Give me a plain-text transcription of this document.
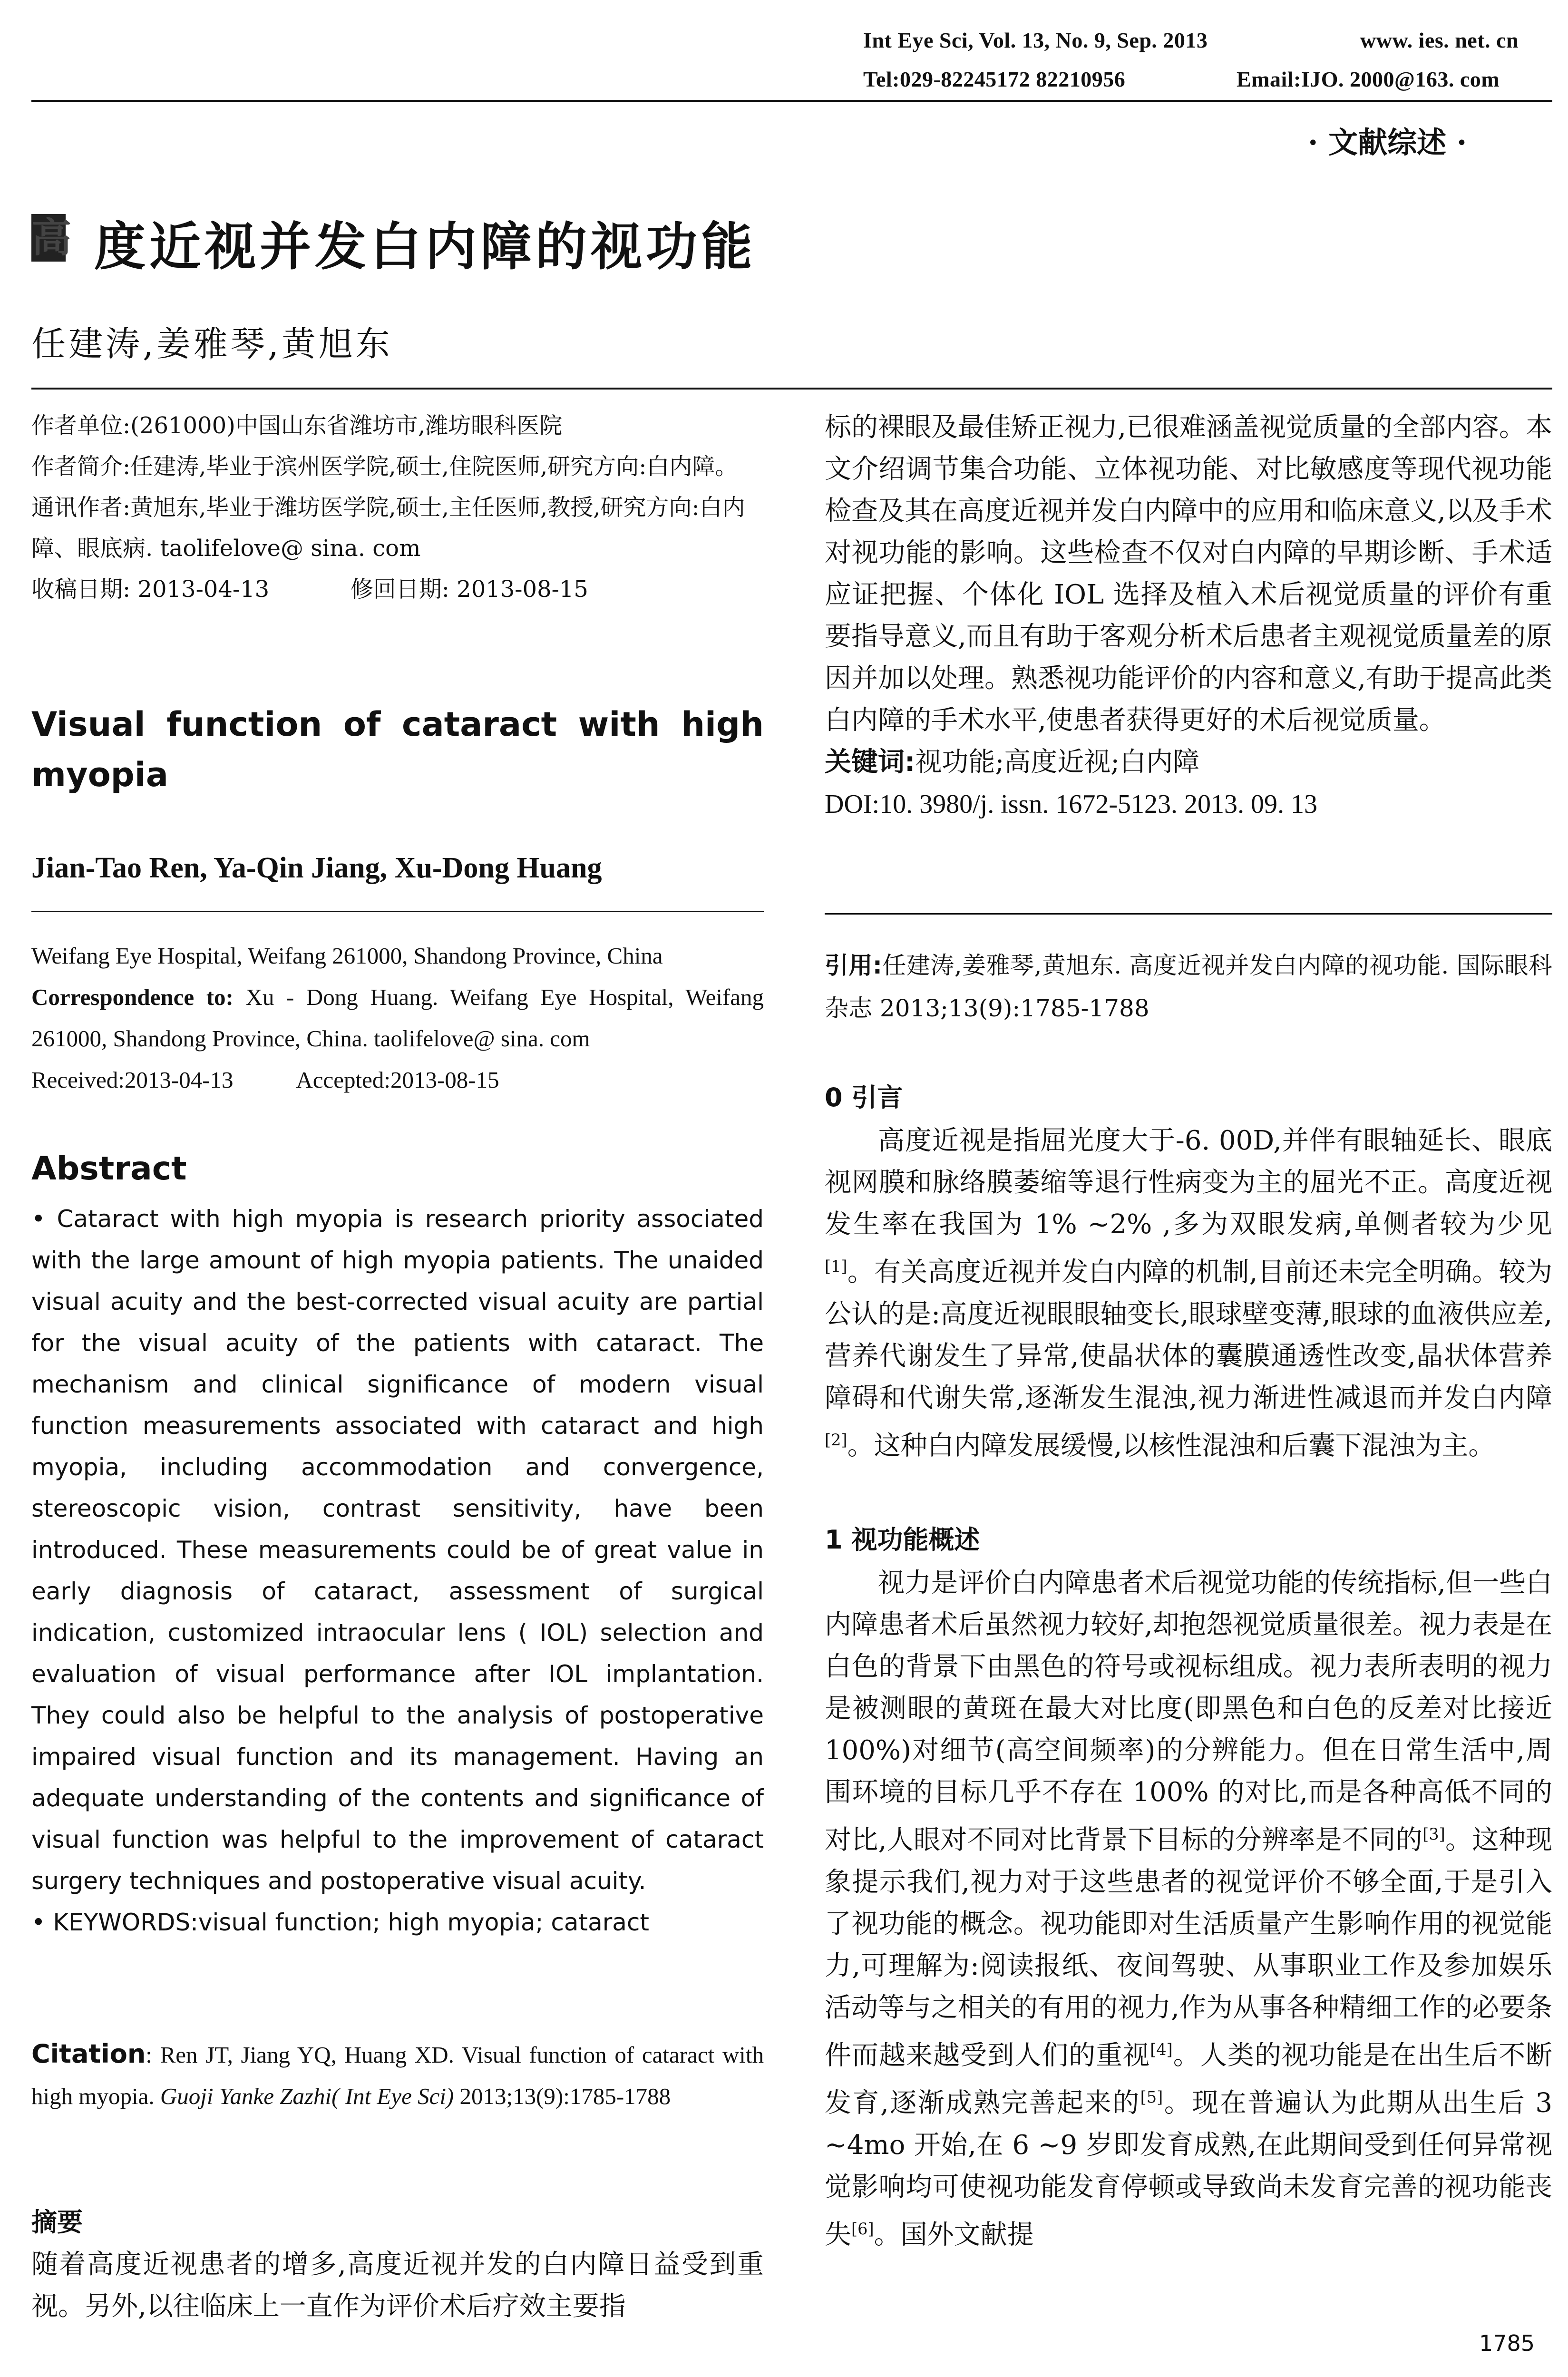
Int Eye Sci, Vol. 13, No. 9, Sep. 2013	www. ies. net. cn
Tel:029-82245172 82210956	Email:IJO. 2000@163. com
· 文献综述 ·
高 度近视并发白内障的视功能
任建涛,姜雅琴,黄旭东

作者单位:(261000)中国山东省潍坊市,潍坊眼科医院

作者简介:任建涛,毕业于滨州医学院,硕士,住院医师,研究方向:白内障。

通讯作者:黄旭东,毕业于潍坊医学院,硕士,主任医师,教授,研究方向:白内障、眼底病. taolifelove@ sina. com

收稿日期: 2013-04-13	修回日期: 2013-08-15

Visual function of cataract with high myopia
Jian-Tao Ren, Ya-Qin Jiang, Xu-Dong Huang

Weifang Eye Hospital, Weifang 261000, Shandong Province, China

Correspondence to: Xu - Dong Huang. Weifang Eye Hospital, Weifang 261000, Shandong Province, China. taolifelove@ sina. com

Received:2013-04-13	Accepted:2013-08-15

Abstract

• Cataract with high myopia is research priority associated with the large amount of high myopia patients. The unaided visual acuity and the best-corrected visual acuity are partial for the visual acuity of the patients with cataract. The mechanism and clinical significance of modern visual function measurements associated with cataract and high myopia, including accommodation and convergence, stereoscopic vision, contrast sensitivity, have been introduced. These measurements could be of great value in early diagnosis of cataract, assessment of surgical indication, customized intraocular lens ( IOL) selection and evaluation of visual performance after IOL implantation. They could also be helpful to the analysis of postoperative impaired visual function and its management. Having an adequate understanding of the contents and significance of visual function was helpful to the improvement of cataract surgery techniques and postoperative visual acuity.

• KEYWORDS:visual function; high myopia; cataract

Citation: Ren JT, Jiang YQ, Huang XD. Visual function of cataract with high myopia. Guoji Yanke Zazhi( Int Eye Sci) 2013;13(9):1785-1788
摘要
随着高度近视患者的增多,高度近视并发的白内障日益受到重视。另外,以往临床上一直作为评价术后疗效主要指

标的裸眼及最佳矫正视力,已很难涵盖视觉质量的全部内容。本文介绍调节集合功能、立体视功能、对比敏感度等现代视功能检查及其在高度近视并发白内障中的应用和临床意义,以及手术对视功能的影响。这些检查不仅对白内障的早期诊断、手术适应证把握、个体化 IOL 选择及植入术后视觉质量的评价有重要指导意义,而且有助于客观分析术后患者主观视觉质量差的原因并加以处理。熟悉视功能评价的内容和意义,有助于提高此类白内障的手术水平,使患者获得更好的术后视觉质量。

关键词:视功能;高度近视;白内障

DOI:10. 3980/j. issn. 1672-5123. 2013. 09. 13

引用:任建涛,姜雅琴,黄旭东. 高度近视并发白内障的视功能. 国际眼科杂志 2013;13(9):1785-1788
0 引言

高度近视是指屈光度大于-6. 00D,并伴有眼轴延长、眼底视网膜和脉络膜萎缩等退行性病变为主的屈光不正。高度近视发生率在我国为 1% ~2% ,多为双眼发病,单侧者较为少见[1]。有关高度近视并发白内障的机制,目前还未完全明确。较为公认的是:高度近视眼眼轴变长,眼球壁变薄,眼球的血液供应差,营养代谢发生了异常,使晶状体的囊膜通透性改变,晶状体营养障碍和代谢失常,逐渐发生混浊,视力渐进性减退而并发白内障[2]。这种白内障发展缓慢,以核性混浊和后囊下混浊为主。

1 视功能概述

视力是评价白内障患者术后视觉功能的传统指标,但一些白内障患者术后虽然视力较好,却抱怨视觉质量很差。视力表是在白色的背景下由黑色的符号或视标组成。视力表所表明的视力是被测眼的黄斑在最大对比度(即黑色和白色的反差对比接近 100%)对细节(高空间频率)的分辨能力。但在日常生活中,周围环境的目标几乎不存在 100% 的对比,而是各种高低不同的对比,人眼对不同对比背景下目标的分辨率是不同的[3]。这种现象提示我们,视力对于这些患者的视觉评价不够全面,于是引入了视功能的概念。视功能即对生活质量产生影响作用的视觉能力,可理解为:阅读报纸、夜间驾驶、从事职业工作及参加娱乐活动等与之相关的有用的视力,作为从事各种精细工作的必要条件而越来越受到人们的重视[4]。人类的视功能是在出生后不断发育,逐渐成熟完善起来的[5]。现在普遍认为此期从出生后 3 ~4mo 开始,在 6 ~9 岁即发育成熟,在此期间受到任何异常视觉影响均可使视功能发育停顿或导致尚未发育完善的视功能丧失[6]。国外文献提

1785
